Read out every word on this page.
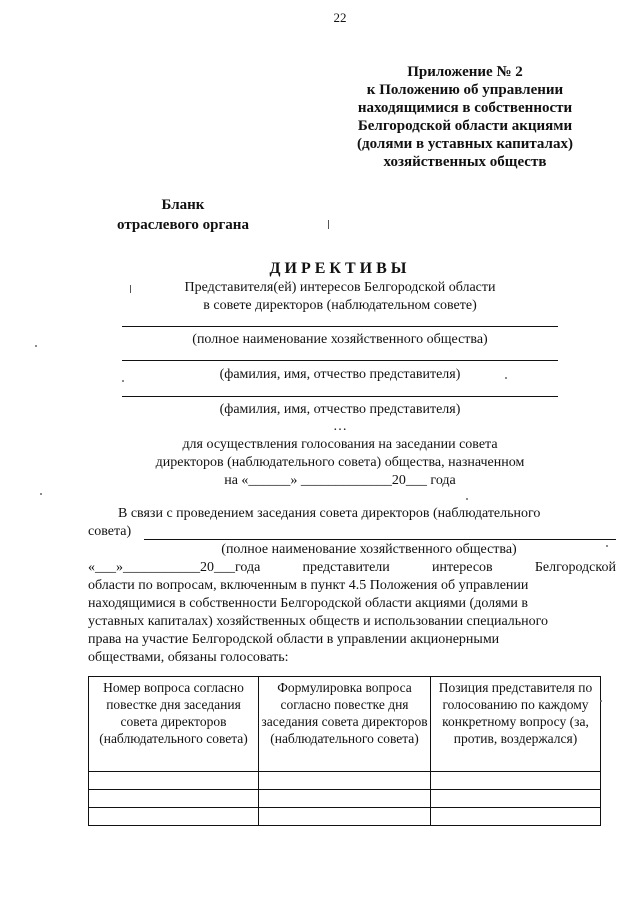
22
Приложение № 2
к Положению об управлении
находящимися в собственности
Белгородской области акциями
(долями в уставных капиталах)
хозяйственных обществ
Бланк
отраслевого органа
ДИРЕКТИВЫ
Представителя(ей) интересов Белгородской области
в совете директоров (наблюдательном совете)
(полное наименование хозяйственного общества)
(фамилия, имя, отчество представителя)
(фамилия, имя, отчество представителя)
…
для осуществления голосования на заседании совета
директоров (наблюдательного совета) общества, назначенном
на «______» _____________20___ года
В связи с проведением заседания совета директоров (наблюдательного
совета)
(полное наименование хозяйственного общества)
«___»___________20___года	представители	интересов	Белгородской
области по вопросам, включенным в пункт 4.5 Положения об управлении
находящимися в собственности Белгородской области акциями (долями в
уставных капиталах) хозяйственных обществ и использовании специального
права на участие Белгородской области в управлении акционерными
обществами, обязаны голосовать:
Номер вопроса согласно повестке дня заседания совета директоров (наблюдательного совета)	Формулировка вопроса согласно повестке дня заседания совета директоров (наблюдательного совета)	Позиция представителя по голосованию по каждому конкретному вопросу (за, против, воздержался)
